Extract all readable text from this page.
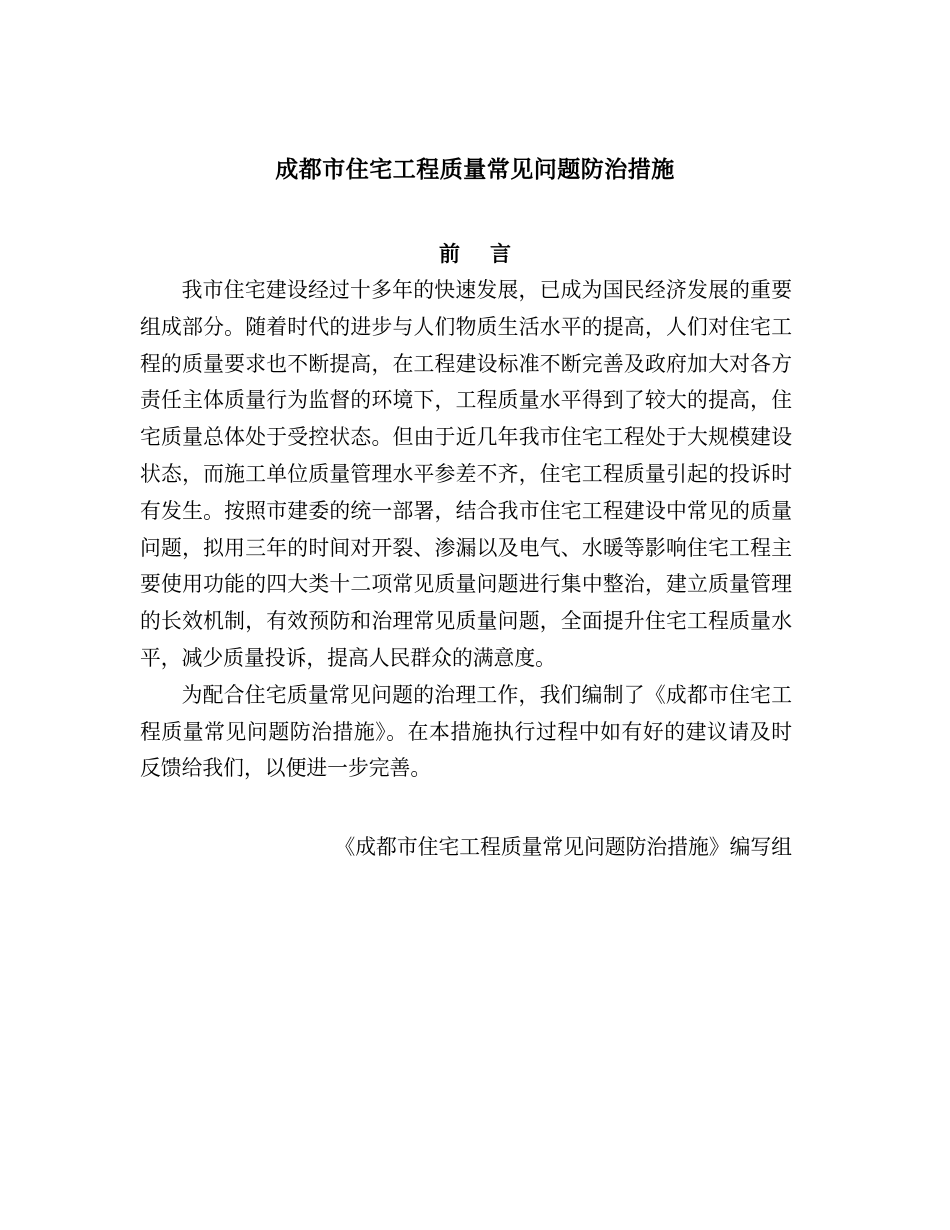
成都市住宅工程质量常见问题防治措施
前 言

我市住宅建设经过十多年的快速发展，已成为国民经济发展的重要组成部分。随着时代的进步与人们物质生活水平的提高，人们对住宅工程的质量要求也不断提高，在工程建设标准不断完善及政府加大对各方责任主体质量行为监督的环境下，工程质量水平得到了较大的提高，住宅质量总体处于受控状态。但由于近几年我市住宅工程处于大规模建设状态，而施工单位质量管理水平参差不齐，住宅工程质量引起的投诉时有发生。按照市建委的统一部署，结合我市住宅工程建设中常见的质量问题，拟用三年的时间对开裂、渗漏以及电气、水暖等影响住宅工程主要使用功能的四大类十二项常见质量问题进行集中整治，建立质量管理的长效机制，有效预防和治理常见质量问题，全面提升住宅工程质量水平，减少质量投诉，提高人民群众的满意度。

为配合住宅质量常见问题的治理工作，我们编制了《成都市住宅工程质量常见问题防治措施》。在本措施执行过程中如有好的建议请及时反馈给我们，以便进一步完善。

《成都市住宅工程质量常见问题防治措施》编写组
